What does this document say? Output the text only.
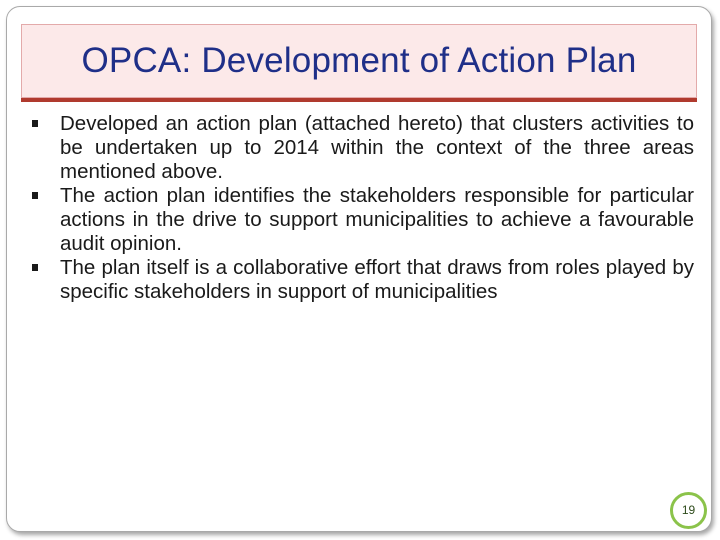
OPCA: Development of Action Plan
Developed an action plan (attached hereto) that clusters activities to be undertaken up to 2014 within the context of the three areas mentioned above.
The action plan identifies the stakeholders responsible for particular actions in the drive to support municipalities to achieve a favourable audit opinion.
The plan itself is a collaborative effort that draws from roles played by specific stakeholders in support of municipalities
19
